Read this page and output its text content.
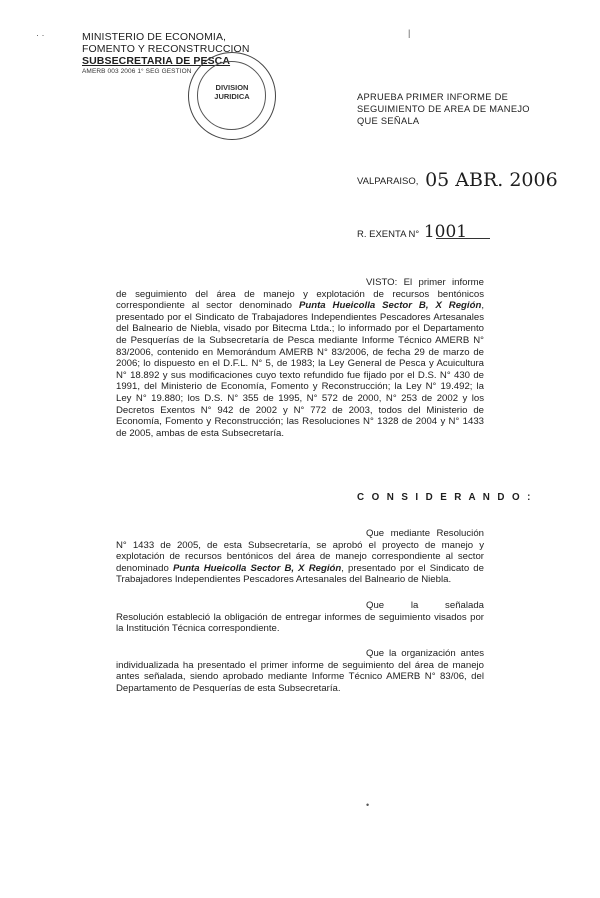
· ·	|
MINISTERIO DE ECONOMIA,
FOMENTO Y RECONSTRUCCION
SUBSECRETARIA DE PESCA
AMERB 003 2006 1° SEG GESTION
DIVISION
JURIDICA	APRUEBA PRIMER INFORME DE
SEGUIMIENTO DE AREA DE MANEJO
QUE SEÑALA
VALPARAISO, 05 ABR. 2006
R. EXENTA N° 1001
VISTO: El primer informe de seguimiento del área de manejo y explotación de recursos bentónicos correspondiente al sector denominado Punta Hueicolla Sector B, X Región, presentado por el Sindicato de Trabajadores Independientes Pescadores Artesanales del Balneario de Niebla, visado por Bitecma Ltda.; lo informado por el Departamento de Pesquerías de la Subsecretaría de Pesca mediante Informe Técnico AMERB N° 83/2006, contenido en Memorándum AMERB N° 83/2006, de fecha 29 de marzo de 2006; lo dispuesto en el D.F.L. N° 5, de 1983; la Ley General de Pesca y Acuicultura N° 18.892 y sus modificaciones cuyo texto refundido fue fijado por el D.S. N° 430 de 1991, del Ministerio de Economía, Fomento y Reconstrucción; la Ley N° 19.492; la Ley N° 19.880; los D.S. N° 355 de 1995, N° 572 de 2000, N° 253 de 2002 y los Decretos Exentos N° 942 de 2002 y N° 772 de 2003, todos del Ministerio de Economía, Fomento y Reconstrucción; las Resoluciones N° 1328 de 2004 y N° 1433 de 2005, ambas de esta Subsecretaría.
C O N S I D E R A N D O :
Que mediante Resolución N° 1433 de 2005, de esta Subsecretaría, se aprobó el proyecto de manejo y explotación de recursos bentónicos del área de manejo correspondiente al sector denominado Punta Hueicolla Sector B, X Región, presentado por el Sindicato de Trabajadores Independientes Pescadores Artesanales del Balneario de Niebla.
Que la señalada Resolución estableció la obligación de entregar informes de seguimiento visados por la Institución Técnica correspondiente.
Que la organización antes individualizada ha presentado el primer informe de seguimiento del área de manejo antes señalada, siendo aprobado mediante Informe Técnico AMERB N° 83/06, del Departamento de Pesquerías de esta Subsecretaría.
•
